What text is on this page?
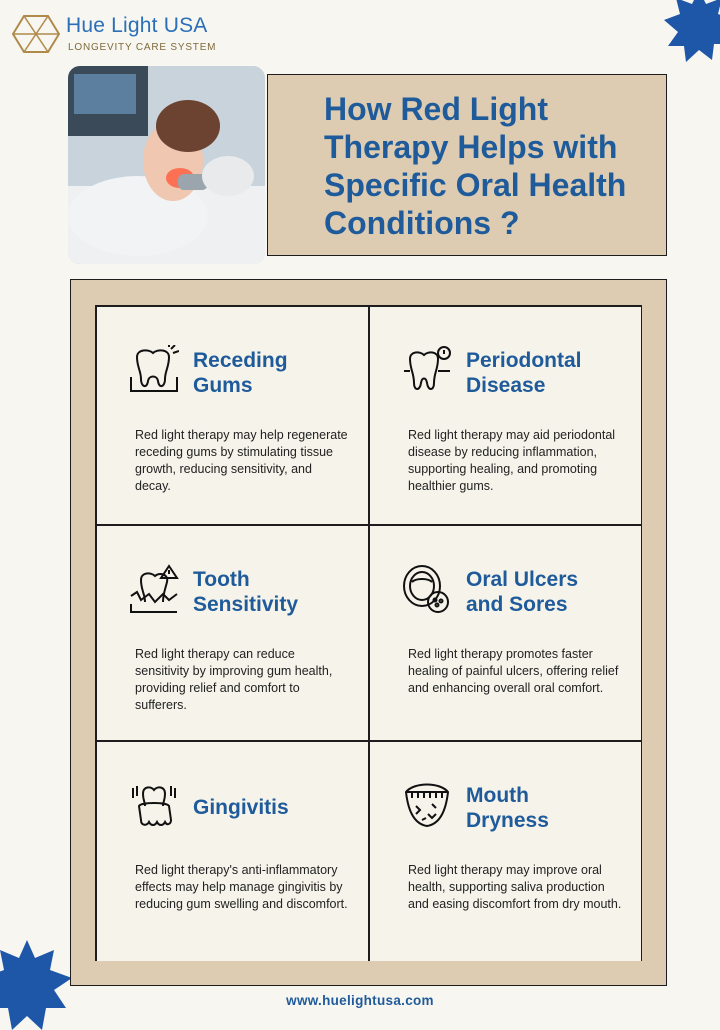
Hue Light USA
LONGEVITY CARE SYSTEM
How Red Light Therapy Helps with Specific Oral Health Conditions ?
Receding
Gums

Red light therapy may help regenerate receding gums by stimulating tissue growth, reducing sensitivity, and decay.

Periodontal
Disease

Red light therapy may aid periodontal disease by reducing inflammation, supporting healing, and promoting healthier gums.

Tooth
Sensitivity

Red light therapy can reduce sensitivity by improving gum health, providing relief and comfort to sufferers.

Oral Ulcers
and Sores

Red light therapy promotes faster healing of painful ulcers, offering relief and enhancing overall oral comfort.

Gingivitis

Red light therapy's anti-inflammatory effects may help manage gingivitis by reducing gum swelling and discomfort.

Mouth
Dryness

Red light therapy may improve oral health, supporting saliva production and easing discomfort from dry mouth.

www.huelightusa.com
